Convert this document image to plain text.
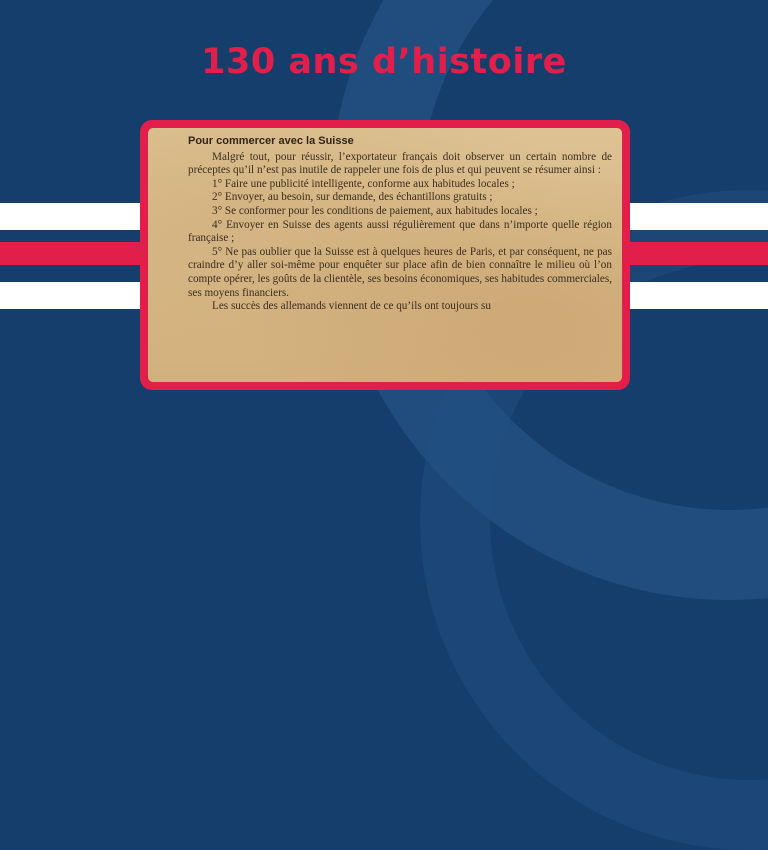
130 ans d’histoire

Pour commercer avec la Suisse

Malgré tout, pour réussir, l’exportateur français doit observer un certain nombre de préceptes qu’il n’est pas inutile de rappeler une fois de plus et qui peuvent se résumer ainsi :

1° Faire une publicité intelligente, conforme aux habitudes locales ;

2° Envoyer, au besoin, sur demande, des échantillons gratuits ;

3° Se conformer pour les conditions de paiement, aux habitudes locales ;

4° Envoyer en Suisse des agents aussi régulièrement que dans n’importe quelle région française ;

5° Ne pas oublier que la Suisse est à quelques heures de Paris, et par conséquent, ne pas craindre d’y aller soi-même pour enquêter sur place afin de bien connaître le milieu où l’on compte opérer, les goûts de la clientèle, ses besoins économiques, ses habitudes commerciales, ses moyens financiers.

Les succès des allemands viennent de ce qu’ils ont toujours su
